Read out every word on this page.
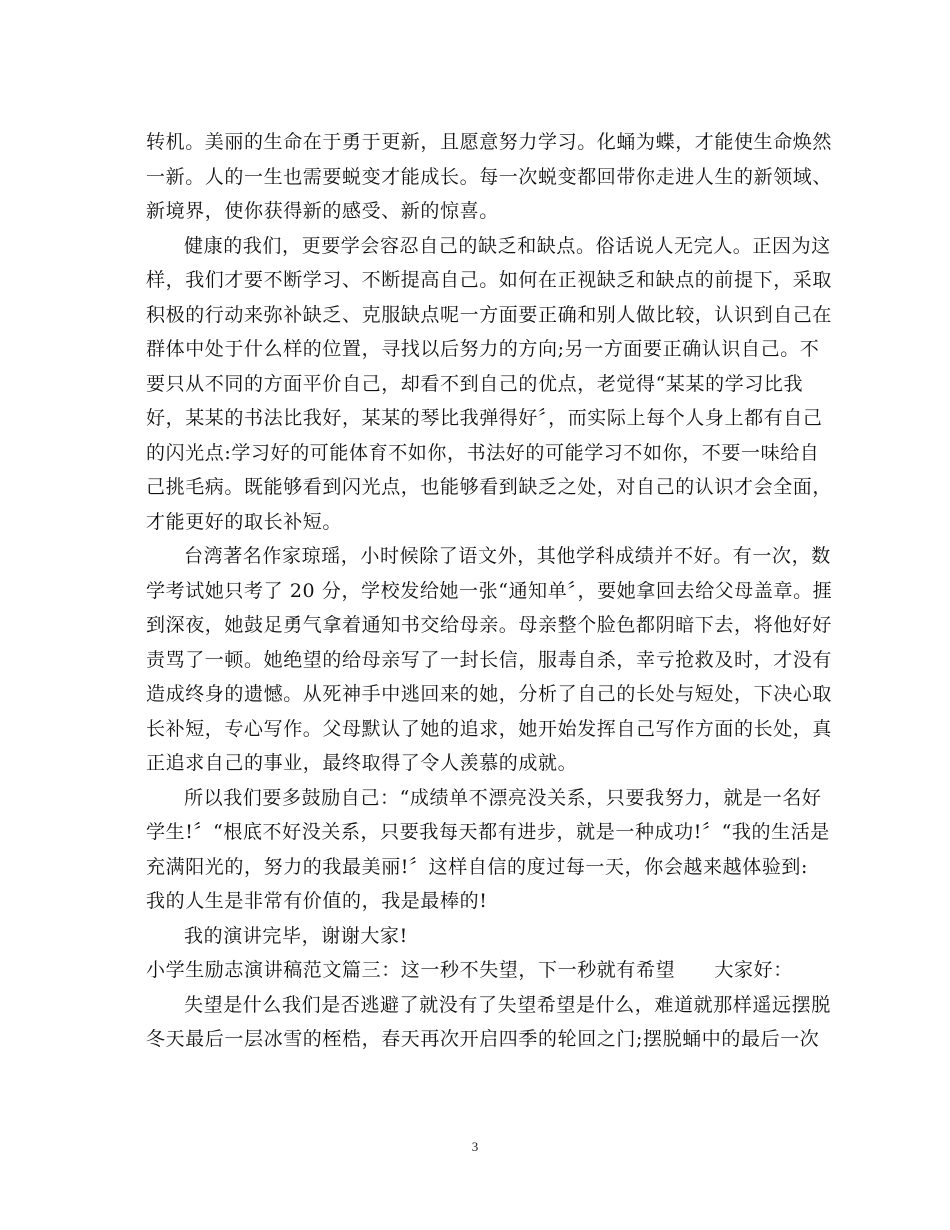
转机。美丽的生命在于勇于更新，且愿意努力学习。化蛹为蝶，才能使生命焕然
一新。人的一生也需要蜕变才能成长。每一次蜕变都回带你走进人生的新领域、
新境界，使你获得新的感受、新的惊喜。
健康的我们，更要学会容忍自己的缺乏和缺点。俗话说人无完人。正因为这
样，我们才要不断学习、不断提高自己。如何在正视缺乏和缺点的前提下，采取
积极的行动来弥补缺乏、克服缺点呢一方面要正确和别人做比较，认识到自己在
群体中处于什么样的位置，寻找以后努力的方向;另一方面要正确认识自己。不
要只从不同的方面平价自己，却看不到自己的优点，老觉得“某某的学习比我
好，某某的书法比我好，某某的琴比我弹得好〞，而实际上每个人身上都有自己
的闪光点:学习好的可能体育不如你，书法好的可能学习不如你，不要一味给自
己挑毛病。既能够看到闪光点，也能够看到缺乏之处，对自己的认识才会全面，
才能更好的取长补短。
台湾著名作家琼瑶，小时候除了语文外，其他学科成绩并不好。有一次，数
学考试她只考了 20 分，学校发给她一张“通知单〞，要她拿回去给父母盖章。捱
到深夜，她鼓足勇气拿着通知书交给母亲。母亲整个脸色都阴暗下去，将他好好
责骂了一顿。她绝望的给母亲写了一封长信，服毒自杀，幸亏抢救及时，才没有
造成终身的遗憾。从死神手中逃回来的她，分析了自己的长处与短处，下决心取
长补短，专心写作。父母默认了她的追求，她开始发挥自己写作方面的长处，真
正追求自己的事业，最终取得了令人羡慕的成就。
所以我们要多鼓励自己：“成绩单不漂亮没关系，只要我努力，就是一名好
学生!〞“根底不好没关系，只要我每天都有进步，就是一种成功!〞“我的生活是
充满阳光的，努力的我最美丽!〞这样自信的度过每一天，你会越来越体验到:
我的人生是非常有价值的，我是最棒的!
我的演讲完毕，谢谢大家!
小学生励志演讲稿范文篇三：这一秒不失望，下一秒就有希望　　大家好：
失望是什么我们是否逃避了就没有了失望希望是什么，难道就那样遥远摆脱
冬天最后一层冰雪的桎梏，春天再次开启四季的轮回之门;摆脱蛹中的最后一次
3
